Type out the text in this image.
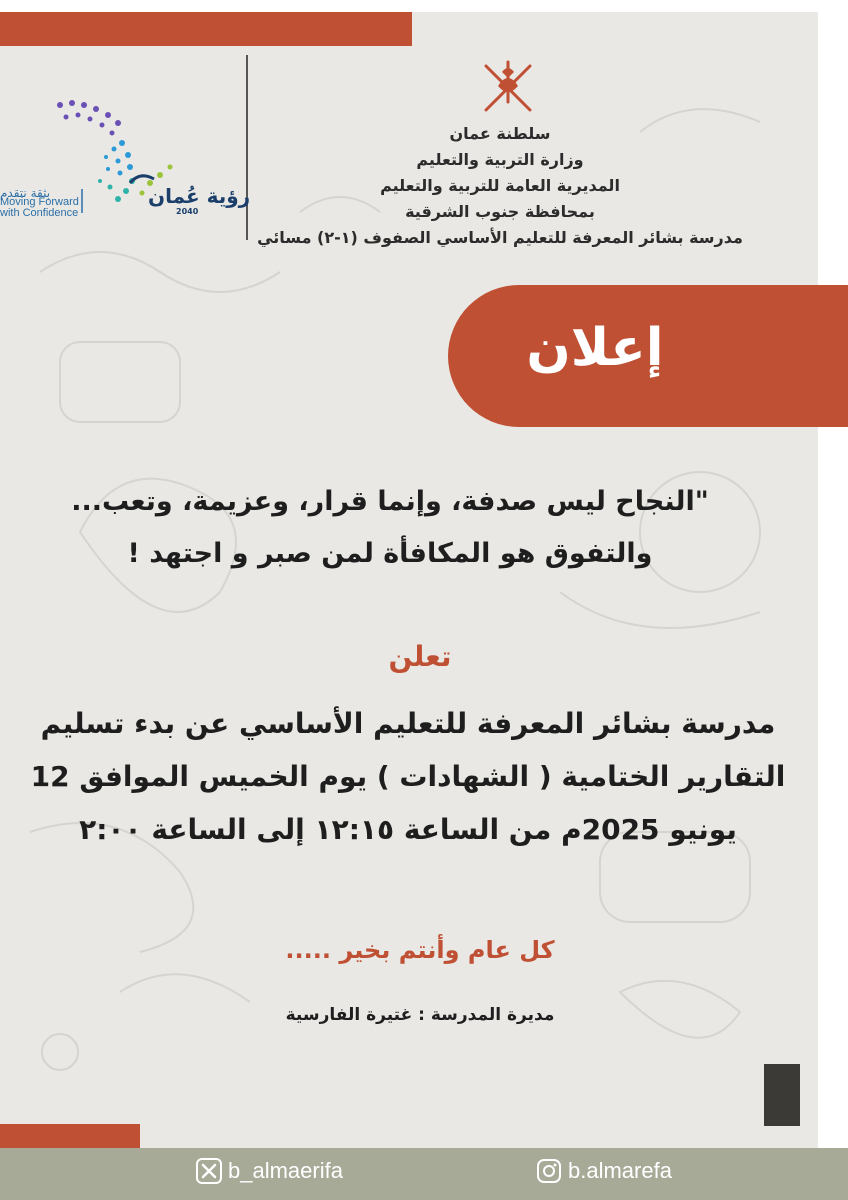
سلطنة عمان
وزارة التربية والتعليم
المديرية العامة للتربية والتعليم
بمحافظة جنوب الشرقية
مدرسة بشائر المعرفة للتعليم الأساسي الصفوف (١-٢) مسائي
رؤية عُمان
2040
بثقة نتقدم
Moving Forward
with Confidence
إعلان
"النجاح ليس صدفة، وإنما قرار، وعزيمة، وتعب...
والتفوق هو المكافأة لمن صبر و اجتهد !
تعلن
مدرسة بشائر المعرفة للتعليم الأساسي عن بدء تسليم
التقارير الختامية ( الشهادات ) يوم الخميس الموافق 12
يونيو 2025م من الساعة ١٢:١٥ إلى الساعة ٢:٠٠
كل عام وأنتم بخير .....
مديرة المدرسة : غتيرة الفارسية
b_almaerifa	b.almarefa
